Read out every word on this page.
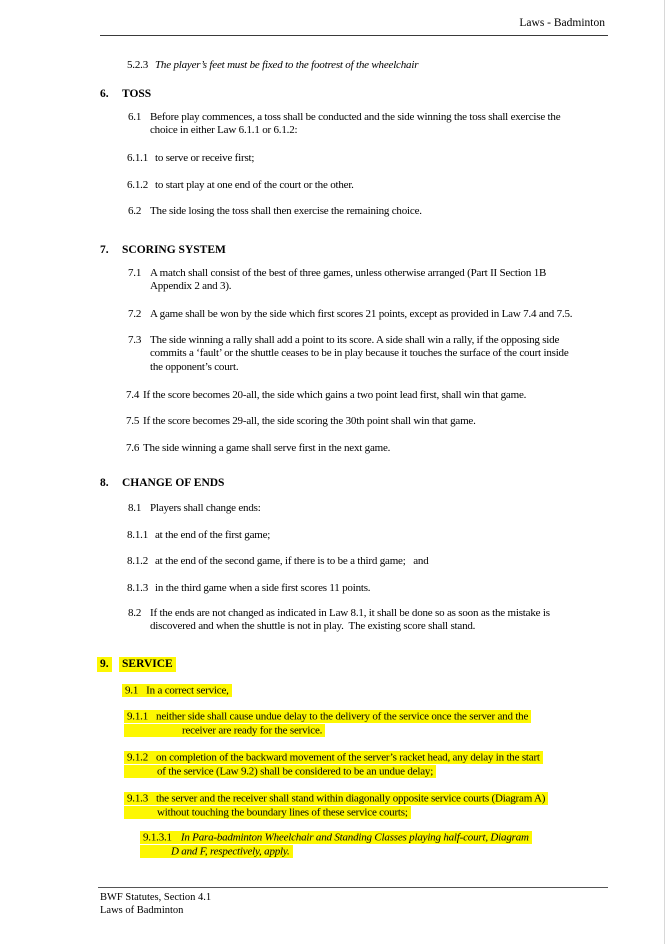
Laws - Badminton
5.2.3 The player’s feet must be fixed to the footrest of the wheelchair
6. TOSS
6.1 Before play commences, a toss shall be conducted and the side winning the toss shall exercise the
choice in either Law 6.1.1 or 6.1.2:
6.1.1 to serve or receive first;
6.1.2 to start play at one end of the court or the other.
6.2 The side losing the toss shall then exercise the remaining choice.
7. SCORING SYSTEM
7.1 A match shall consist of the best of three games, unless otherwise arranged (Part II Section 1B
Appendix 2 and 3).
7.2 A game shall be won by the side which first scores 21 points, except as provided in Law 7.4 and 7.5.
7.3 The side winning a rally shall add a point to its score. A side shall win a rally, if the opposing side
commits a ‘fault’ or the shuttle ceases to be in play because it touches the surface of the court inside
the opponent’s court.
7.4 If the score becomes 20-all, the side which gains a two point lead first, shall win that game.
7.5 If the score becomes 29-all, the side scoring the 30th point shall win that game.
7.6 The side winning a game shall serve first in the next game.
8. CHANGE OF ENDS
8.1 Players shall change ends:
8.1.1 at the end of the first game;
8.1.2 at the end of the second game, if there is to be a third game;   and
8.1.3 in the third game when a side first scores 11 points.
8.2 If the ends are not changed as indicated in Law 8.1, it shall be done so as soon as the mistake is
discovered and when the shuttle is not in play.  The existing score shall stand.
9. SERVICE
9.1 In a correct service,
9.1.1 neither side shall cause undue delay to the delivery of the service once the server and the
receiver are ready for the service.
9.1.2 on completion of the backward movement of the server’s racket head, any delay in the start
of the service (Law 9.2) shall be considered to be an undue delay;
9.1.3 the server and the receiver shall stand within diagonally opposite service courts (Diagram A)
without touching the boundary lines of these service courts;
9.1.3.1 In Para-badminton Wheelchair and Standing Classes playing half-court, Diagram
D and F, respectively, apply.
BWF Statutes, Section 4.1
Laws of Badminton
